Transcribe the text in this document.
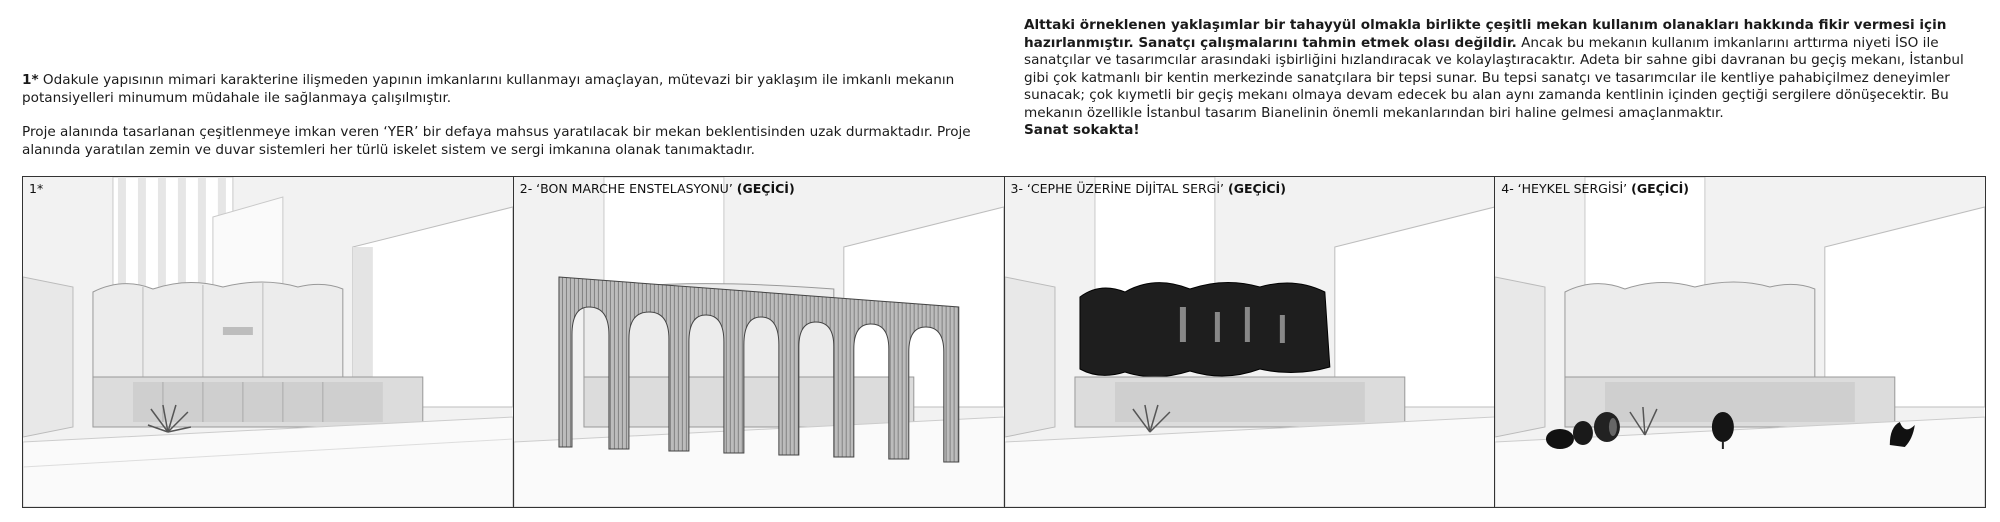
1* Odakule yapısının mimari karakterine ilişmeden yapının imkanlarını kullanmayı amaçlayan, mütevazi bir yaklaşım ile imkanlı mekanın potansiyelleri minumum müdahale ile sağlanmaya çalışılmıştır.

Proje alanında tasarlanan çeşitlenmeye imkan veren ‘YER’ bir defaya mahsus yaratılacak bir mekan beklentisinden uzak durmaktadır. Proje alanında yaratılan zemin ve duvar sistemleri her türlü iskelet sistem ve sergi imkanına olanak tanımaktadır.

Alttaki örneklenen yaklaşımlar bir tahayyül olmakla birlikte çeşitli mekan kullanım olanakları hakkında fikir vermesi için hazırlanmıştır. Sanatçı çalışmalarını tahmin etmek olası değildir. Ancak bu mekanın kullanım imkanlarını arttırma niyeti İSO ile sanatçılar ve tasarımcılar arasındaki işbirliğini hızlandıracak ve kolaylaştıracaktır. Adeta bir sahne gibi davranan bu geçiş mekanı, İstanbul gibi çok katmanlı bir kentin merkezinde sanatçılara bir tepsi sunar. Bu tepsi sanatçı ve tasarımcılar ile kentliye pahabiçilmez deneyimler sunacak; çok kıymetli bir geçiş mekanı olmaya devam edecek bu alan aynı zamanda kentlinin içinden geçtiği sergilere dönüşecektir. Bu mekanın özellikle İstanbul tasarım Bianelinin önemli mekanlarından biri haline gelmesi amaçlanmaktır.
Sanat sokakta!
1*	2- ‘BON MARCHE ENSTELASYONU’ (GEÇİCİ)	3- ‘CEPHE ÜZERİNE DİJİTAL SERGİ’ (GEÇİCİ)	4- ‘HEYKEL SERGİSİ’ (GEÇİCİ)
